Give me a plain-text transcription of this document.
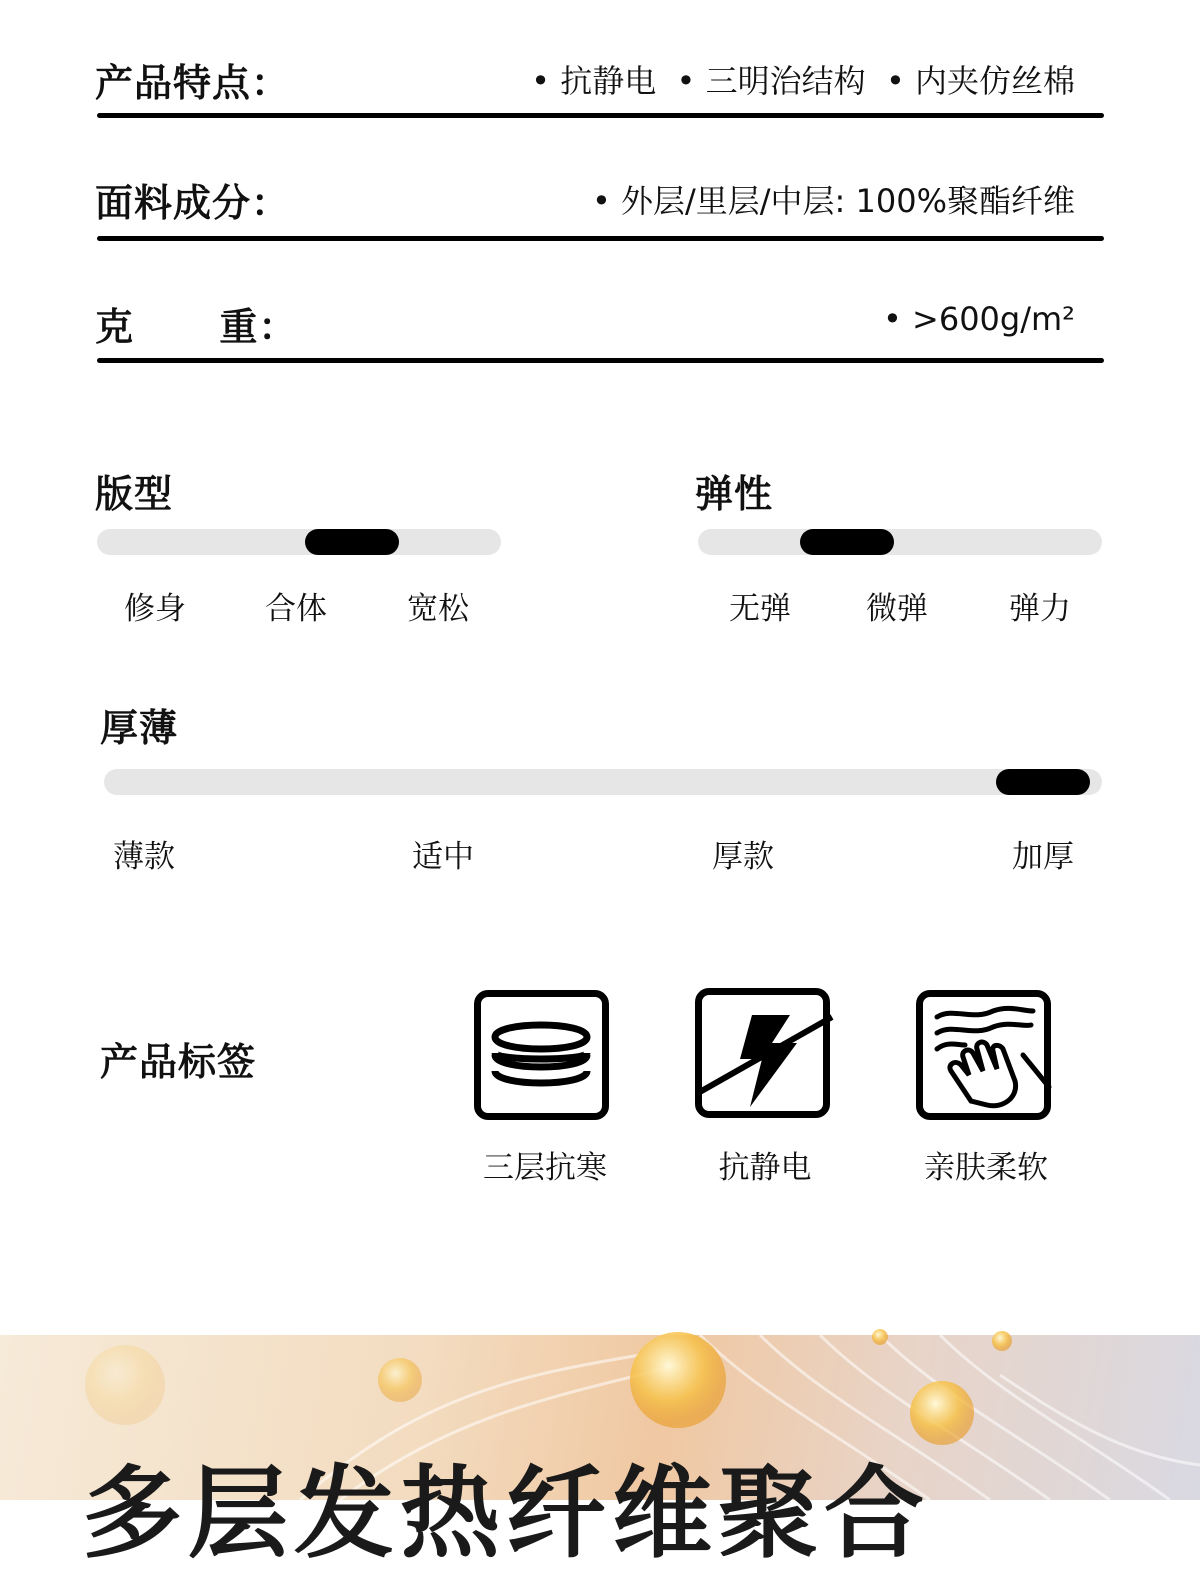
产品特点：	• 抗静电  • 三明治结构  • 内夹仿丝棉
面料成分：	• 外层/里层/中层: 100%聚酯纤维
克      重：	• >600g/m²
版型
修身	合体	宽松
弹性
无弹 微弹	弹力
厚薄
薄款	适中	厚款	加厚
产品标签
三层抗寒	抗静电	亲肤柔软
多层发热纤维聚合
